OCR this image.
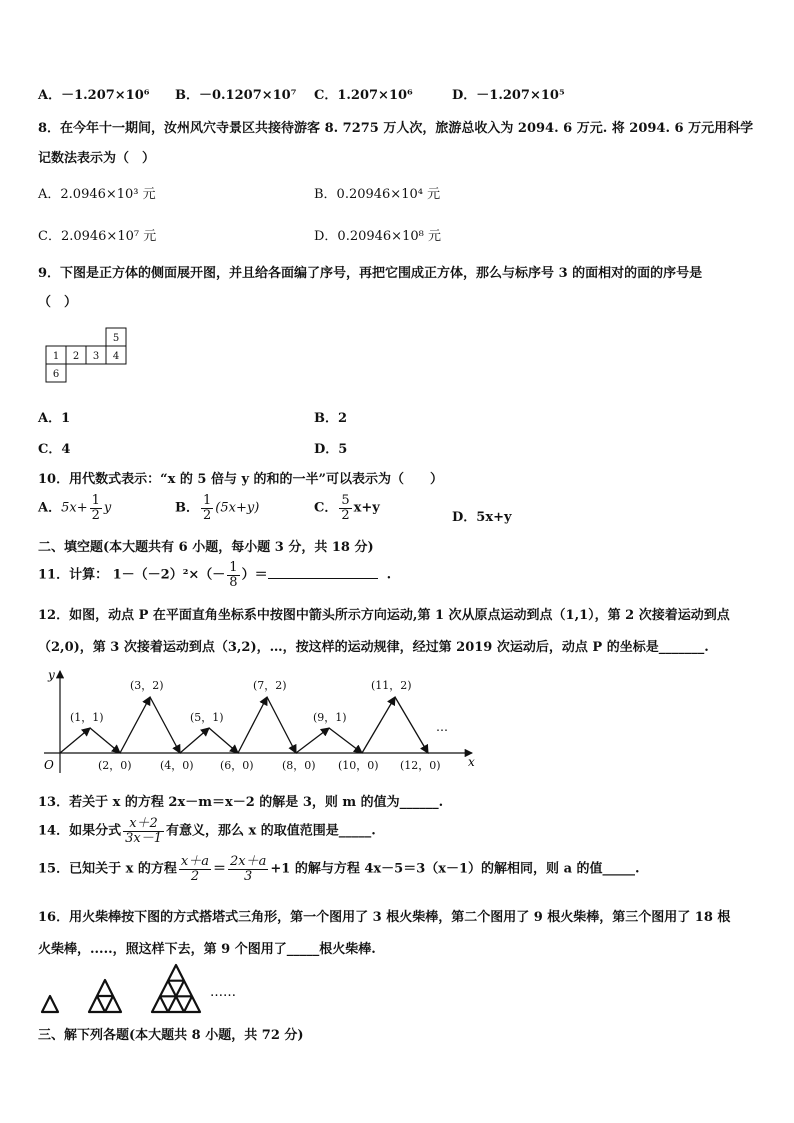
A．－1.207×10⁶ B．－0.1207×10⁷ C．1.207×10⁶	D．－1.207×10⁵
8．在今年十一期间，汝州风穴寺景区共接待游客 8. 7275 万人次，旅游总收入为 2094. 6 万元. 将 2094. 6 万元用科学
记数法表示为（　）
A．2.0946×10³ 元	B．0.20946×10⁴ 元
C．2.0946×10⁷ 元	D．0.20946×10⁸ 元
9．下图是正方体的侧面展开图，并且给各面编了序号，再把它围成正方体，那么与标序号 3 的面相对的面的序号是
（　）
1 2 3 4
5
6
A．1	B．2
C．4	D．5
10．用代数式表示：“x 的 5 倍与 y 的和的一半”可以表示为（　　）
A．$5x+ \frac{1}{2}$ y	B． $\frac{1}{2} (5x+y)$	C． $\frac{5}{2} x+y$
D．5x+y
二、填空题(本大题共有 6 小题，每小题 3 分，共 18 分)
11．计算： $1-(-2)^2\times(- \frac{1}{8}$ ）＝	.
12．如图，动点 P 在平面直角坐标系中按图中箭头所示方向运动,第 1 次从原点运动到点（1,1），第 2 次接着运动到点
（2,0)，第 3 次接着运动到点（3,2)，…，按这样的运动规律，经过第 2019 次运动后，动点 P 的坐标是_______.
y
x
O
(1，1)
(3，2)
(5，1)
(7，2)
(9，1)
(11，2)
(2，0)	(4，0) (6，0)	(8，0) (10，0) (12，0)
…
13．若关于 x 的方程 2x－m＝x－2 的解是 3，则 m 的值为______.
14．如果分式 $\frac{x+2}{3x-1}$ 有意义，那么 x 的取值范围是_____.
15．已知关于 x 的方程 $\frac{x+a}{2} = \frac{2x+a}{3} +1$ 的解与方程 4x－5＝3（x－1）的解相同，则 a 的值_____.
16．用火柴棒按下图的方式搭塔式三角形，第一个图用了 3 根火柴棒，第二个图用了 9 根火柴棒，第三个图用了 18 根
火柴棒，.....，照这样下去，第 9 个图用了_____根火柴棒.
……
三、解下列各题(本大题共 8 小题，共 72 分)
